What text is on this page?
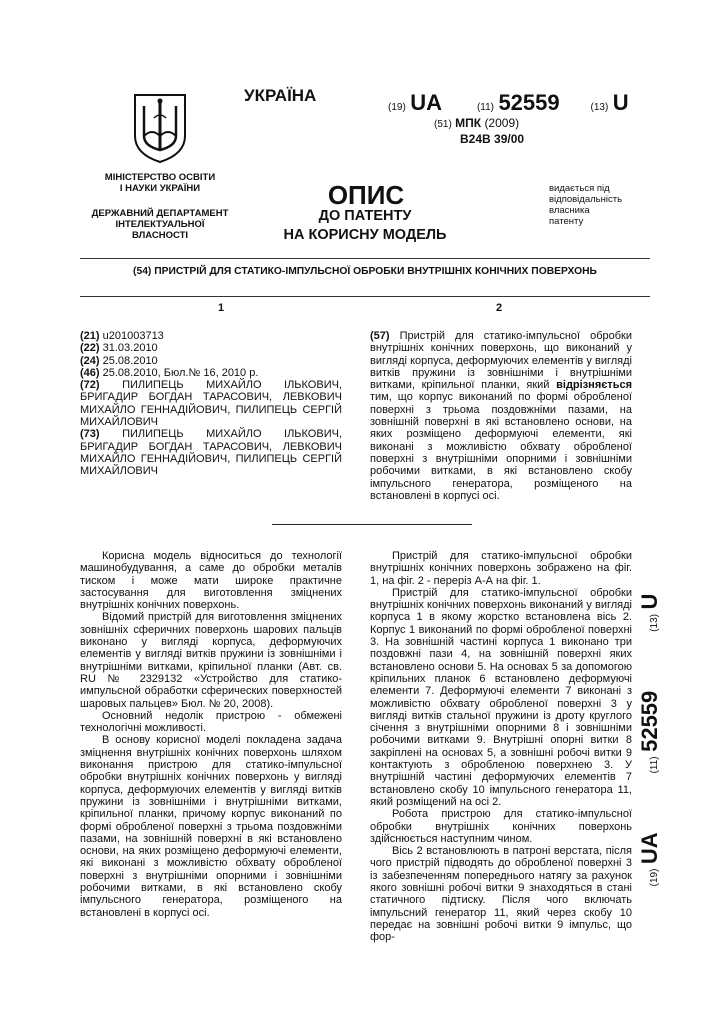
МІНІСТЕРСТВО ОСВІТИ
І НАУКИ УКРАЇНИ
ДЕРЖАВНИЙ ДЕПАРТАМЕНТ
ІНТЕЛЕКТУАЛЬНОЇ
ВЛАСНОСТІ
УКРАЇНА
(19) UA	(11) 52559	(13) U
(51) МПК (2009)
B24B 39/00
ОПИС
ДО ПАТЕНТУ
НА КОРИСНУ МОДЕЛЬ
видається під
відповідальність
власника
патенту
(54) ПРИСТРІЙ ДЛЯ СТАТИКО-ІМПУЛЬСНОЇ ОБРОБКИ ВНУТРІШНІХ КОНІЧНИХ ПОВЕРХОНЬ
1	2

(21) u201003713

(22) 31.03.2010

(24) 25.08.2010

(46) 25.08.2010, Бюл.№ 16, 2010 р.

(72) ПИЛИПЕЦЬ МИХАЙЛО ІЛЬКОВИЧ, БРИГАДИР БОГДАН ТАРАСОВИЧ, ЛЕВКОВИЧ МИХАЙЛО ГЕННАДІЙОВИЧ, ПИЛИПЕЦЬ СЕРГІЙ МИХАЙЛОВИЧ

(73) ПИЛИПЕЦЬ МИХАЙЛО ІЛЬКОВИЧ, БРИГАДИР БОГДАН ТАРАСОВИЧ, ЛЕВКОВИЧ МИХАЙЛО ГЕННАДІЙОВИЧ, ПИЛИПЕЦЬ СЕРГІЙ МИХАЙЛОВИЧ

(57) Пристрій для статико-імпульсної обробки внутрішніх конічних поверхонь, що виконаний у вигляді корпуса, деформуючих елементів у вигляді витків пружини із зовнішніми і внутрішніми витками, кріпильної планки, який відрізняється тим, що корпус виконаний по формі обробленої поверхні з трьома поздовжніми пазами, на зовнішній поверхні в які встановлено основи, на яких розміщено деформуючі елементи, які виконані з можливістю обхвату обробленої поверхні з внутрішніми опорними і зовнішніми робочими витками, в які встановлено скобу імпульсного генератора, розміщеного на встановлені в корпусі осі.

Корисна модель відноситься до технології машинобудування, а саме до обробки металів тиском і може мати широке практичне застосування для виготовлення зміцнених внутрішніх конічних поверхонь.

Відомий пристрій для виготовлення зміцнених зовнішніх сферичних поверхонь шарових пальців виконано у вигляді корпуса, деформуючих елементів у вигляді витків пружини із зовнішніми і внутрішніми витками, кріпильної планки (Авт. св. RU № 2329132 «Устройство для статико-импульсной обработки сферических поверхностей шаровых пальцев» Бюл. № 20, 2008).

Основний недолік пристрою - обмежені технологічні можливості.

В основу корисної моделі покладена задача зміцнення внутрішніх конічних поверхонь шляхом виконання пристрою для статико-імпульсної обробки внутрішніх конічних поверхонь у вигляді корпуса, деформуючих елементів у вигляді витків пружини із зовнішніми і внутрішніми витками, кріпильної планки, причому корпус виконаний по формі обробленої поверхні з трьома поздовжніми пазами, на зовнішній поверхні в які встановлено основи, на яких розміщено деформуючі елементи, які виконані з можливістю обхвату обробленої поверхні з внутрішніми опорними і зовнішніми робочими витками, в які встановлено скобу імпульсного генератора, розміщеного на встановлені в корпусі осі.

Пристрій для статико-імпульсної обробки внутрішніх конічних поверхонь зображено на фіг. 1, на фіг. 2 - переріз А-А на фіг. 1.

Пристрій для статико-імпульсної обробки внутрішніх конічних поверхонь виконаний у вигляді корпуса 1 в якому жорстко встановлена вісь 2. Корпус 1 виконаний по формі обробленої поверхні 3. На зовнішній частині корпуса 1 виконано три поздовжні пази 4, на зовнішній поверхні яких встановлено основи 5. На основах 5 за допомогою кріпильних планок 6 встановлено деформуючі елементи 7. Деформуючі елементи 7 виконані з можливістю обхвату обробленої поверхні 3 у вигляді витків стальної пружини із дроту круглого січення з внутрішніми опорними 8 і зовнішніми робочими витками 9. Внутрішні опорні витки 8 закріплені на основах 5, а зовнішні робочі витки 9 контактують з обробленою поверхнею 3. У внутрішній частині деформуючих елементів 7 встановлено скобу 10 імпульсного генератора 11, який розміщений на осі 2.

Робота пристрою для статико-імпульсної обробки внутрішніх конічних поверхонь здійснюється наступним чином.

Вісь 2 встановлюють в патроні верстата, після чого пристрій підводять до обробленої поверхні 3 із забезпеченням попереднього натягу за рахунок якого зовнішні робочі витки 9 знаходяться в стані статичного підтиску. Після чого включать імпульсний генератор 11, який через скобу 10 передає на зовнішні робочі витки 9 імпульс, що фор-

(19) UA  (11) 52559  (13) U
